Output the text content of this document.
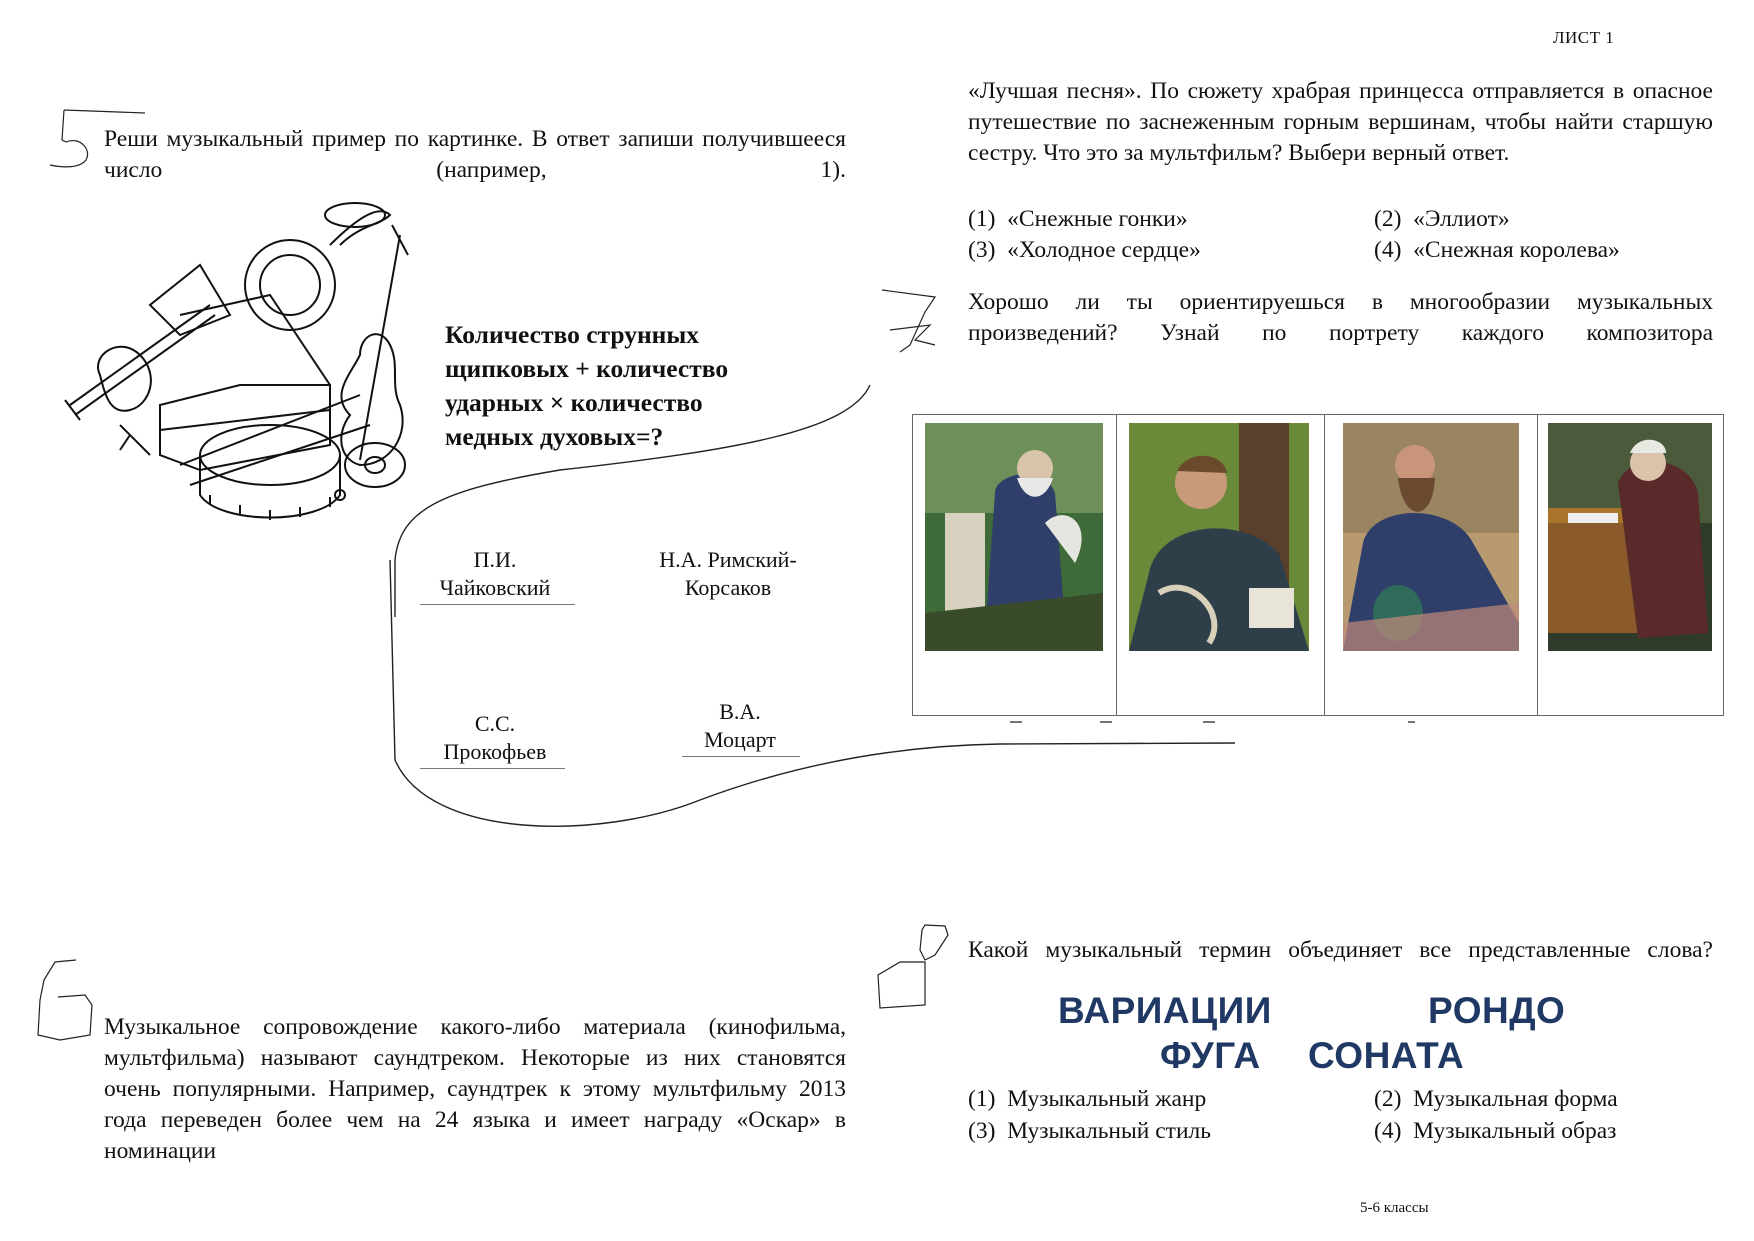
ЛИСТ 1
5-6 классы
Реши музыкальный пример по картинке. В ответ запиши получившееся число (например, 1).
Количество струнных щипковых + количество ударных × количество медных духовых=?
П.И.
Чайковский
Н.А. Римский-
Корсаков
С.С.
Прокофьев
В.А.
Моцарт
Музыкальное сопровождение какого-либо материала (кинофильма, мультфильма) называют саундтреком. Некоторые из них становятся очень популярными. Например, саундтрек к этому мультфильму 2013 года переведен более чем на 24 языка и имеет награду «Оскар» в номинации
«Лучшая песня». По сюжету храбрая принцесса отправляется в опасное путешествие по заснеженным горным вершинам, чтобы найти старшую сестру. Что это за мультфильм? Выбери верный ответ.
(1) «Снежные гонки»	(2) «Эллиот»
(3) «Холодное сердце»	(4) «Снежная королева»
Хорошо ли ты ориентируешься в многообразии музыкальных произведений? Узнай по портрету каждого композитора

Какой музыкальный термин объединяет все представленные слова?
ВАРИАЦИИ	РОНДО
ФУГА СОНАТА
(1) Музыкальный жанр	(2) Музыкальная форма
(3) Музыкальный стиль	(4) Музыкальный образ
